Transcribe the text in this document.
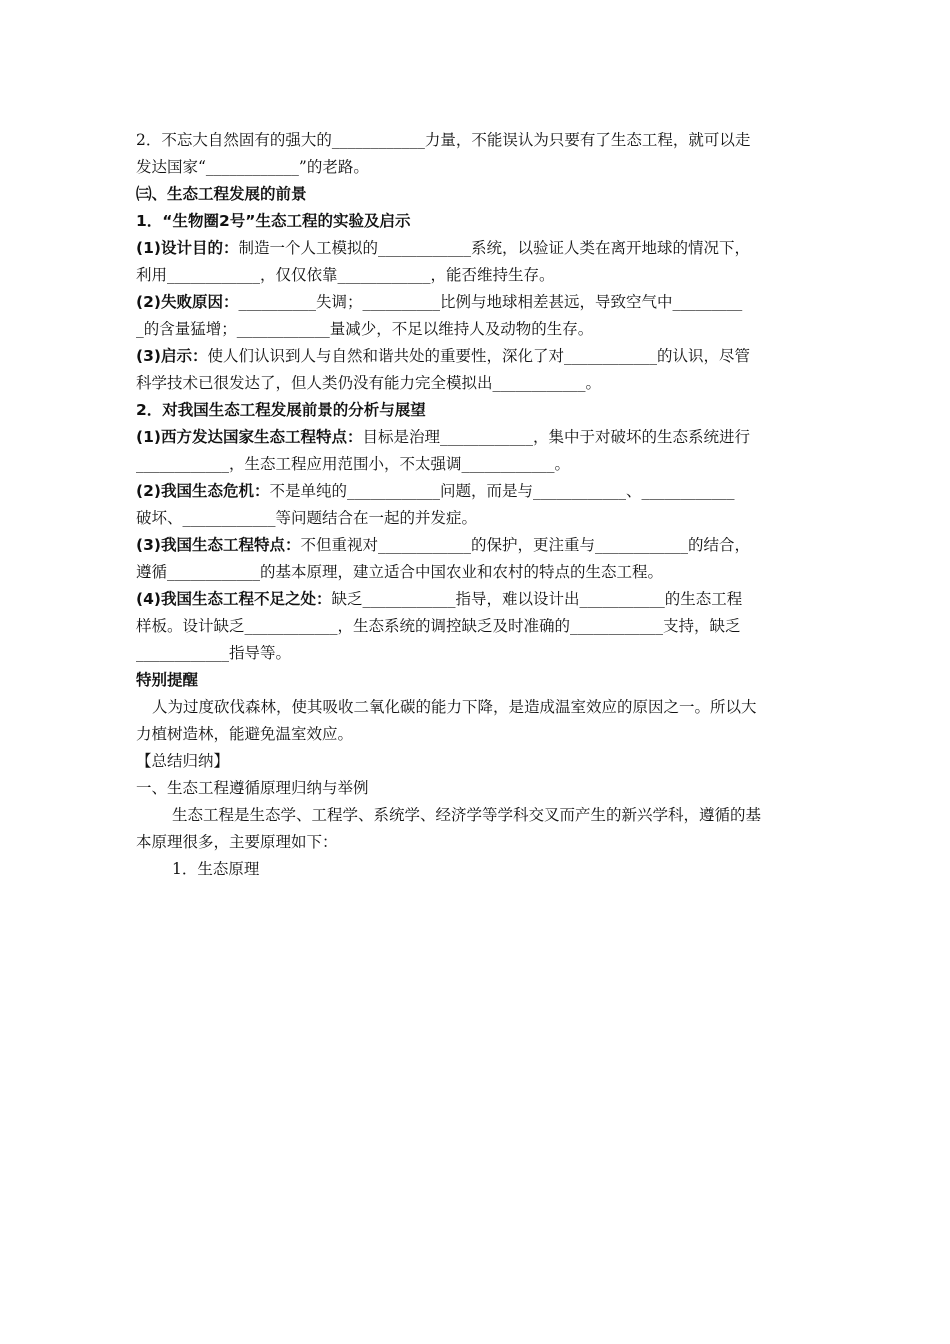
2．不忘大自然固有的强大的____________力量，不能误认为只要有了生态工程，就可以走
发达国家“____________”的老路。
㈢、生态工程发展的前景
1．“生物圈2号”生态工程的实验及启示
(1)设计目的：制造一个人工模拟的____________系统，以验证人类在离开地球的情况下，
利用____________，仅仅依靠____________，能否维持生存。
(2)失败原因：__________失调；__________比例与地球相差甚远，导致空气中_________
_的含量猛增；____________量减少，不足以维持人及动物的生存。
(3)启示：使人们认识到人与自然和谐共处的重要性，深化了对____________的认识，尽管
科学技术已很发达了，但人类仍没有能力完全模拟出____________。
2．对我国生态工程发展前景的分析与展望
(1)西方发达国家生态工程特点：目标是治理____________，集中于对破坏的生态系统进行
____________，生态工程应用范围小，不太强调____________。
(2)我国生态危机：不是单纯的____________问题，而是与____________、____________
破坏、____________等问题结合在一起的并发症。
(3)我国生态工程特点：不但重视对____________的保护，更注重与____________的结合，
遵循____________的基本原理，建立适合中国农业和农村的特点的生态工程。
(4)我国生态工程不足之处：缺乏____________指导，难以设计出___________的生态工程
样板。设计缺乏____________，生态系统的调控缺乏及时准确的____________支持，缺乏
____________指导等。
特别提醒
人为过度砍伐森林，使其吸收二氧化碳的能力下降，是造成温室效应的原因之一。所以大
力植树造林，能避免温室效应。
【总结归纳】
一、生态工程遵循原理归纳与举例
生态工程是生态学、工程学、系统学、经济学等学科交叉而产生的新兴学科，遵循的基
本原理很多，主要原理如下：
1．生态原理
